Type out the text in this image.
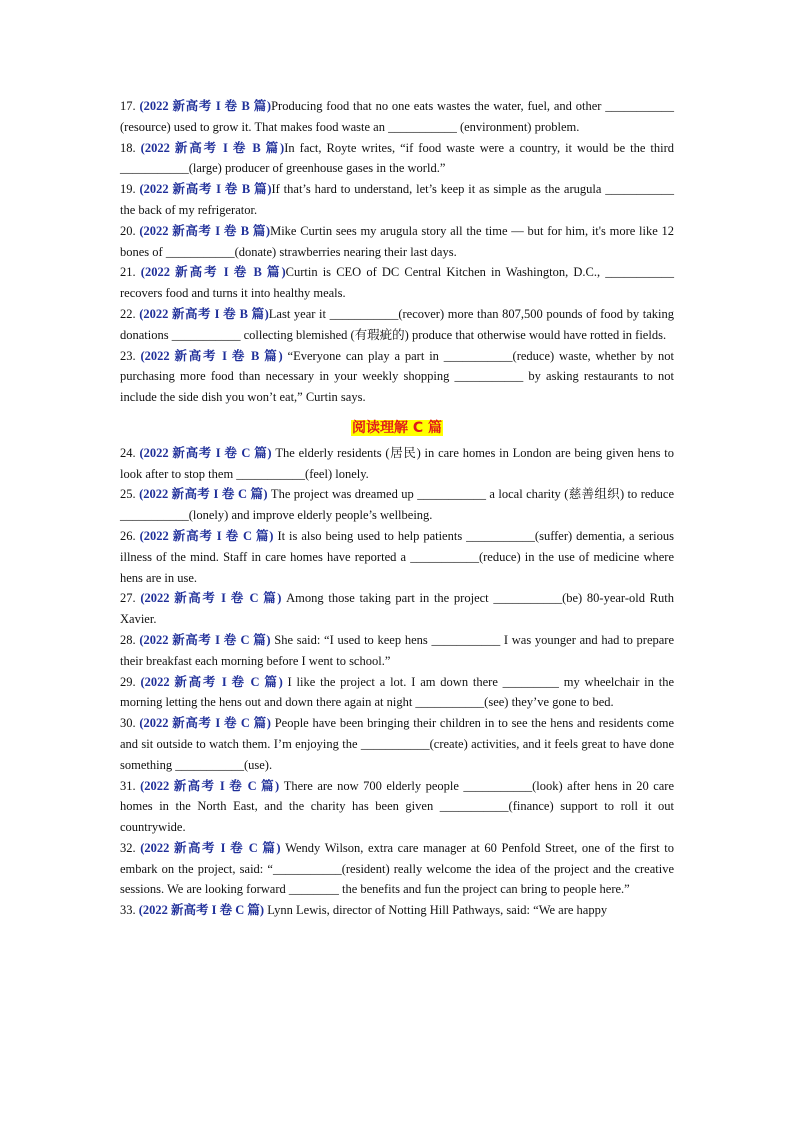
17. (2022 新高考 I 卷 B 篇)Producing food that no one eats wastes the water, fuel, and other ___________ (resource) used to grow it. That makes food waste an ___________ (environment) problem.
18. (2022 新高考 I 卷 B 篇)In fact, Royte writes, “if food waste were a country, it would be the third ___________(large) producer of greenhouse gases in the world.”
19. (2022 新高考 I 卷 B 篇)If that’s hard to understand, let’s keep it as simple as the arugula ___________ the back of my refrigerator.
20. (2022 新高考 I 卷 B 篇)Mike Curtin sees my arugula story all the time — but for him, it's more like 12 bones of ___________(donate) strawberries nearing their last days.
21. (2022 新高考 I 卷 B 篇)Curtin is CEO of DC Central Kitchen in Washington, D.C., ___________ recovers food and turns it into healthy meals.
22. (2022 新高考 I 卷 B 篇)Last year it ___________(recover) more than 807,500 pounds of food by taking donations ___________ collecting blemished (有瑕疵的) produce that otherwise would have rotted in fields.
23. (2022 新高考 I 卷 B 篇) “Everyone can play a part in ___________(reduce) waste, whether by not purchasing more food than necessary in your weekly shopping ___________ by asking restaurants to not include the side dish you won’t eat,” Curtin says.
阅读理解 C 篇
24. (2022 新高考 I 卷 C 篇) The elderly residents (居民) in care homes in London are being given hens to look after to stop them ___________(feel) lonely.
25. (2022 新高考 I 卷 C 篇) The project was dreamed up ___________ a local charity (慈善组织) to reduce ___________(lonely) and improve elderly people’s wellbeing.
26. (2022 新高考 I 卷 C 篇) It is also being used to help patients ___________(suffer) dementia, a serious illness of the mind. Staff in care homes have reported a ___________(reduce) in the use of medicine where hens are in use.
27. (2022 新高考 I 卷 C 篇) Among those taking part in the project ___________(be) 80-year-old Ruth Xavier.
28. (2022 新高考 I 卷 C 篇) She said: “I used to keep hens ___________ I was younger and had to prepare their breakfast each morning before I went to school.”
29. (2022 新高考 I 卷 C 篇) I like the project a lot. I am down there _________ my wheelchair in the morning letting the hens out and down there again at night ___________(see) they’ve gone to bed.
30. (2022 新高考 I 卷 C 篇) People have been bringing their children in to see the hens and residents come and sit outside to watch them. I’m enjoying the ___________(create) activities, and it feels great to have done something ___________(use).
31. (2022 新高考 I 卷 C 篇) There are now 700 elderly people ___________(look) after hens in 20 care homes in the North East, and the charity has been given ___________(finance) support to roll it out countrywide.
32. (2022 新高考 I 卷 C 篇) Wendy Wilson, extra care manager at 60 Penfold Street, one of the first to embark on the project, said: “___________(resident) really welcome the idea of the project and the creative sessions. We are looking forward ________ the benefits and fun the project can bring to people here.”
33. (2022 新高考 I 卷 C 篇) Lynn Lewis, director of Notting Hill Pathways, said: “We are happy
